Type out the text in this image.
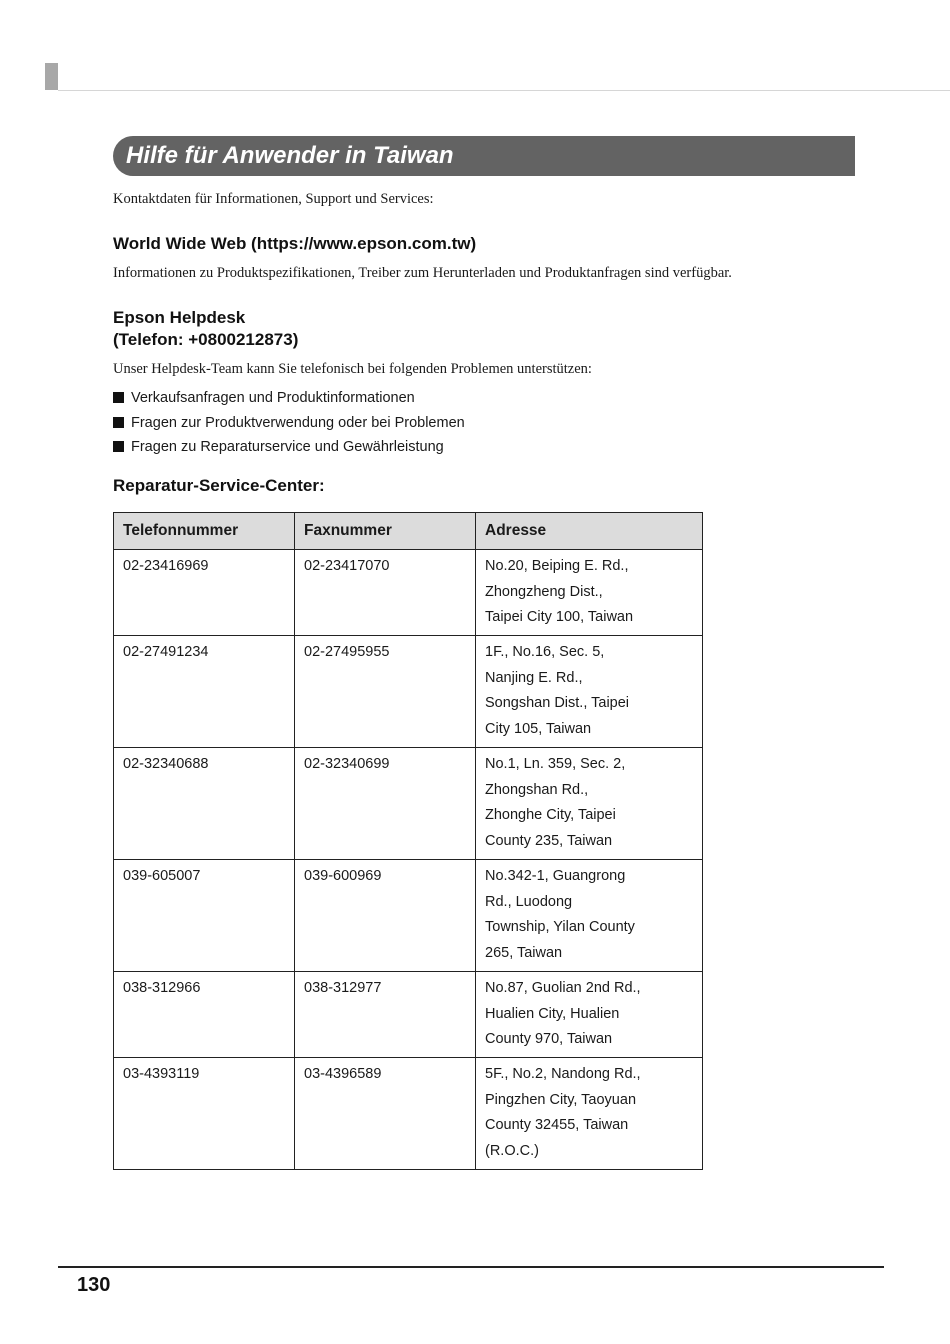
Hilfe für Anwender in Taiwan

Kontaktdaten für Informationen, Support und Services:

World Wide Web (https://www.epson.com.tw)

Informationen zu Produktspezifikationen, Treiber zum Herunterladen und Produktanfragen sind verfügbar.

Epson Helpdesk
(Telefon: +0800212873)

Unser Helpdesk-Team kann Sie telefonisch bei folgenden Problemen unterstützen:

Verkaufsanfragen und Produktinformationen
Fragen zur Produktverwendung oder bei Problemen
Fragen zu Reparaturservice und Gewährleistung
Reparatur-Service-Center:
Telefonnummer	Faxnummer	Adresse
02-23416969	02-23417070	No.20, Beiping E. Rd.,
Zhongzheng Dist.,
Taipei City 100, Taiwan

02-27491234	02-27495955	1F., No.16, Sec. 5,
Nanjing E. Rd.,
Songshan Dist., Taipei
City 105, Taiwan

02-32340688	02-32340699	No.1, Ln. 359, Sec. 2,
Zhongshan Rd.,
Zhonghe City, Taipei
County 235, Taiwan

039-605007	039-600969	No.342-1, Guangrong
Rd., Luodong
Township, Yilan County
265, Taiwan

038-312966	038-312977	No.87, Guolian 2nd Rd.,
Hualien City, Hualien
County 970, Taiwan

03-4393119	03-4396589	5F., No.2, Nandong Rd.,
Pingzhen City, Taoyuan
County 32455, Taiwan
(R.O.C.)

130
